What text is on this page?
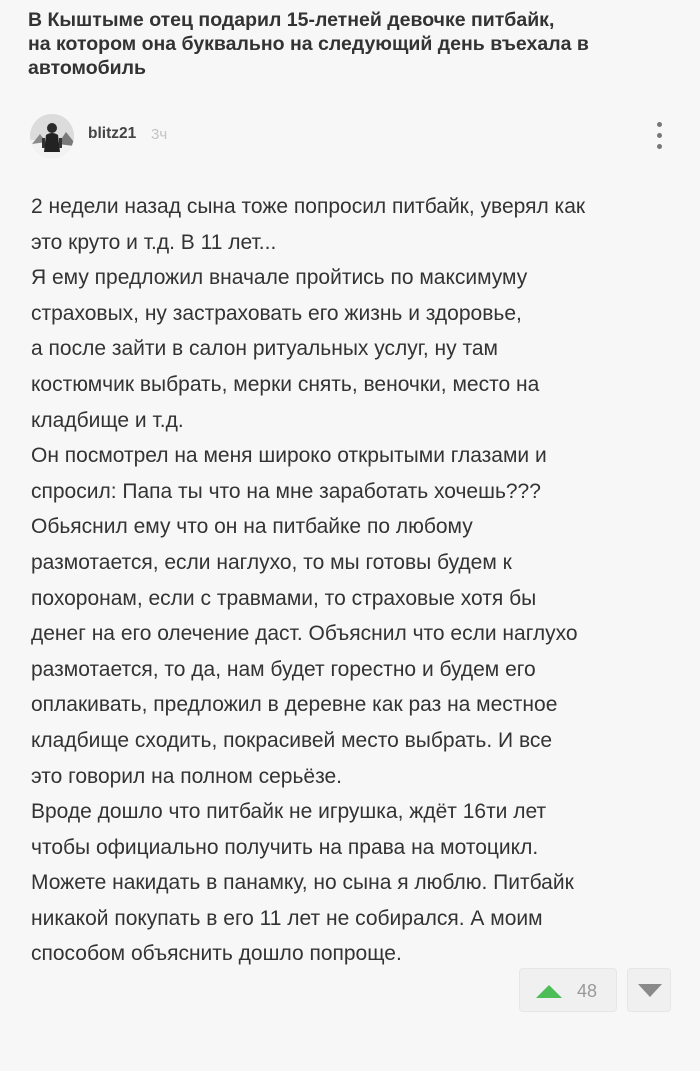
В Кыштыме отец подарил 15-летней девочке питбайк,
на котором она буквально на следующий день въехала в
автомобиль
blitz21 3ч

2 недели назад сына тоже попросил питбайк, уверял как

это круто и т.д. В 11 лет...

Я ему предложил вначале пройтись по максимуму

страховых, ну застраховать его жизнь и здоровье,

а после зайти в салон ритуальных услуг, ну там

костюмчик выбрать, мерки снять, веночки, место на

кладбище и т.д.

Он посмотрел на меня широко открытыми глазами и

спросил: Папа ты что на мне заработать хочешь???

Обьяснил ему что он на питбайке по любому

размотается, если наглухо, то мы готовы будем к

похоронам, если с травмами, то страховые хотя бы

денег на его олечение даст. Объяснил что если наглухо

размотается, то да, нам будет горестно и будем его

оплакивать, предложил в деревне как раз на местное

кладбище сходить, покрасивей место выбрать. И все

это говорил на полном серьёзе.

Вроде дошло что питбайк не игрушка, ждёт 16ти лет

чтобы официально получить на права на мотоцикл.

Можете накидать в панамку, но сына я люблю. Питбайк

никакой покупать в его 11 лет не собирался. А моим

способом объяснить дошло попроще.

48
